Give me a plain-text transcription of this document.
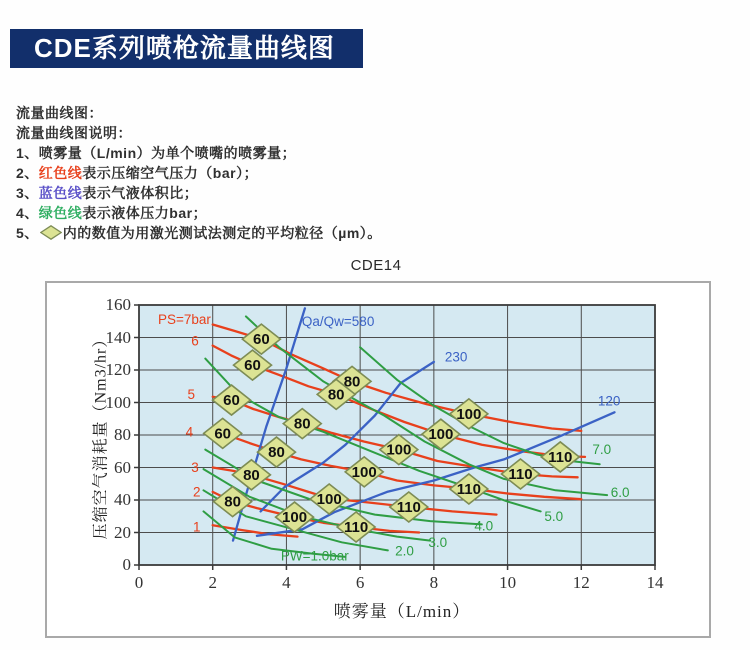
CDE系列喷枪流量曲线图
流量曲线图：
流量曲线图说明：
1、喷雾量（L/min）为单个喷嘴的喷雾量；
2、红色线表示压缩空气压力（bar）；
3、蓝色线表示气液体积比；
4、绿色线表示液体压力bar；
5、 内的数值为用激光测试法测定的平均粒径（µm）。
CDE14
压缩空气消耗量（Nm3/hr）
喷雾量（L/min）
0
20
40
60
80
100
120
140
160
0	2	4	6	8	10	12	14
PS=7bar
6
5
4
3
2
1
Qa/Qw=580
230
120
7.0
6.0
5.0
4.0
3.0
2.0
PW=1.0bar
60
60
60
60
80
80
80
80
80
80
100
100
100
100
100
100
110
110
110
110
110
